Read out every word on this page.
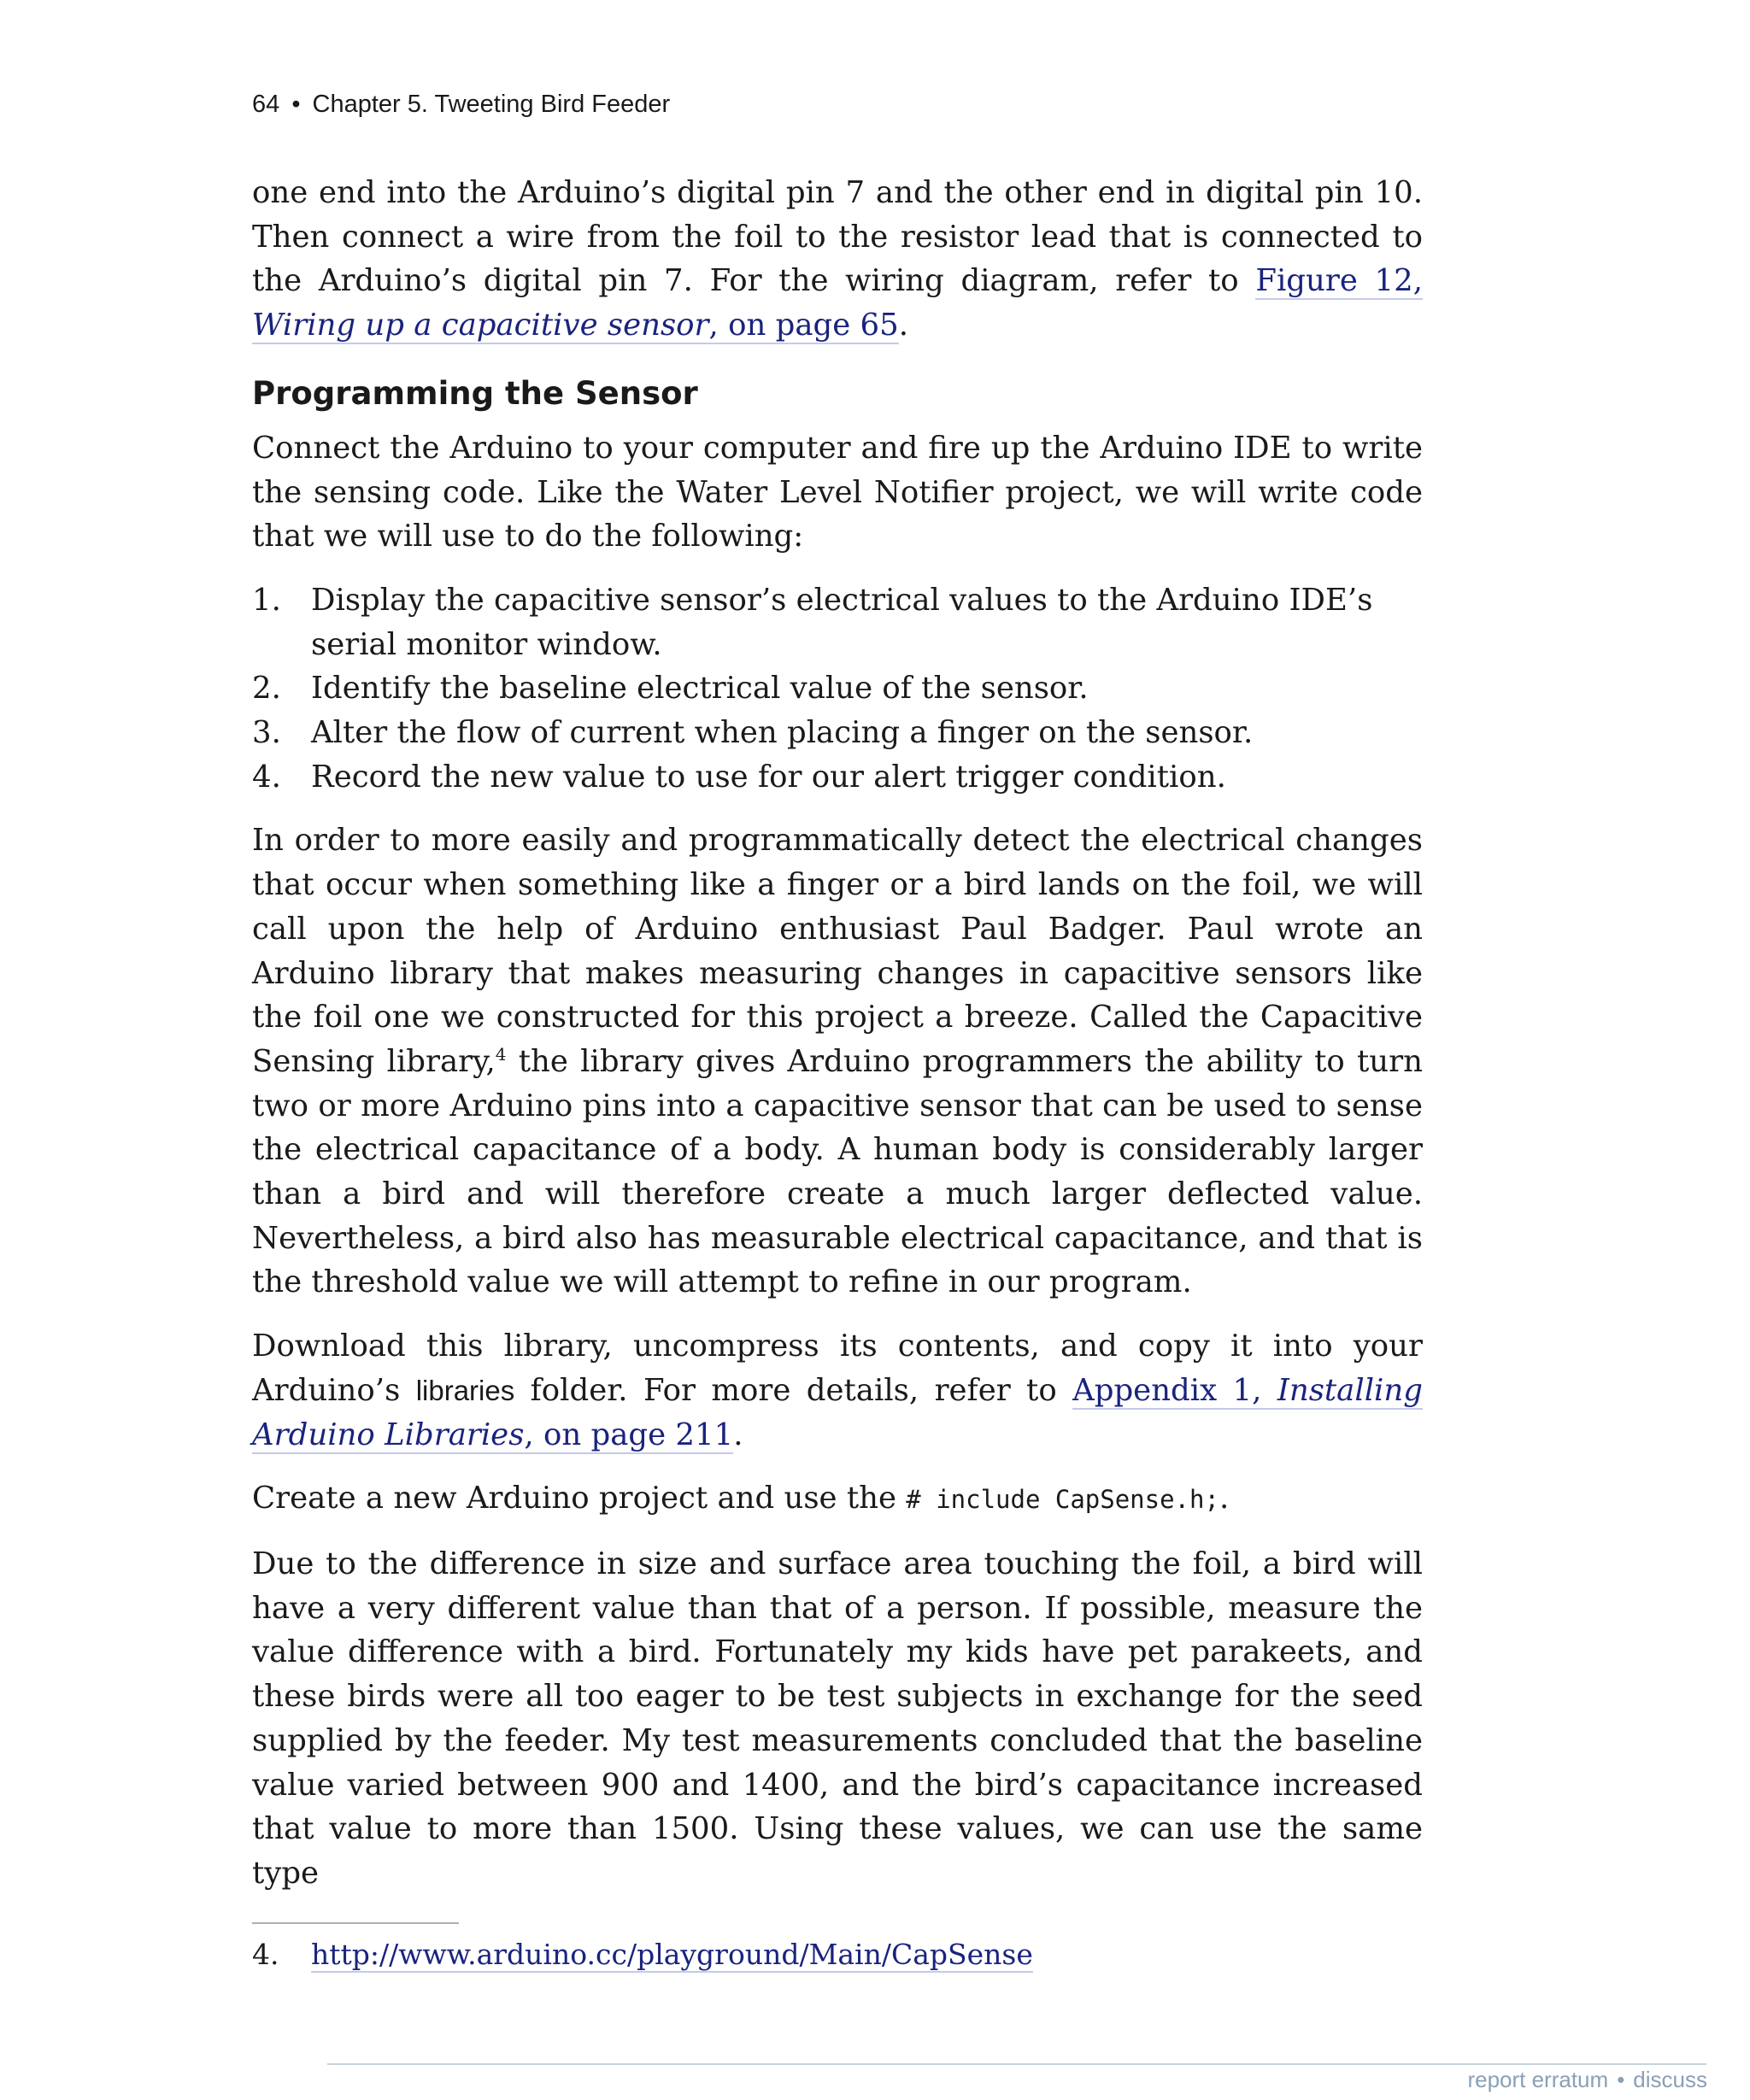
64 • Chapter 5. Tweeting Bird Feeder

one end into the Arduino’s digital pin 7 and the other end in digital pin 10. Then connect a wire from the foil to the resistor lead that is connected to the Arduino’s digital pin 7. For the wiring diagram, refer to Figure 12, Wiring up a capacitive sensor, on page 65.

Programming the Sensor

Connect the Arduino to your computer and fire up the Arduino IDE to write the sensing code. Like the Water Level Notifier project, we will write code that we will use to do the following:

1. Display the capacitive sensor’s electrical values to the Arduino IDE’s serial monitor window.
2. Identify the baseline electrical value of the sensor.
3. Alter the flow of current when placing a finger on the sensor.
4. Record the new value to use for our alert trigger condition.

In order to more easily and programmatically detect the electrical changes that occur when something like a finger or a bird lands on the foil, we will call upon the help of Arduino enthusiast Paul Badger. Paul wrote an Arduino library that makes measuring changes in capacitive sensors like the foil one we constructed for this project a breeze. Called the Capacitive Sensing library,$^4$ the library gives Arduino programmers the ability to turn two or more Arduino pins into a capacitive sensor that can be used to sense the electrical capacitance of a body. A human body is considerably larger than a bird and will therefore create a much larger deflected value. Nevertheless, a bird also has measurable electrical capacitance, and that is the threshold value we will attempt to refine in our program.

Download this library, uncompress its contents, and copy it into your Arduino’s libraries folder. For more details, refer to Appendix 1, Installing Arduino Libraries, on page 211.

Create a new Arduino project and use the # include CapSense.h;.

Due to the difference in size and surface area touching the foil, a bird will have a very different value than that of a person. If possible, measure the value difference with a bird. Fortunately my kids have pet parakeets, and these birds were all too eager to be test subjects in exchange for the seed supplied by the feeder. My test measurements concluded that the baseline value varied between 900 and 1400, and the bird’s capacitance increased that value to more than 1500. Using these values, we can use the same type

4. http://www.arduino.cc/playground/Main/CapSense
report erratum • discuss
